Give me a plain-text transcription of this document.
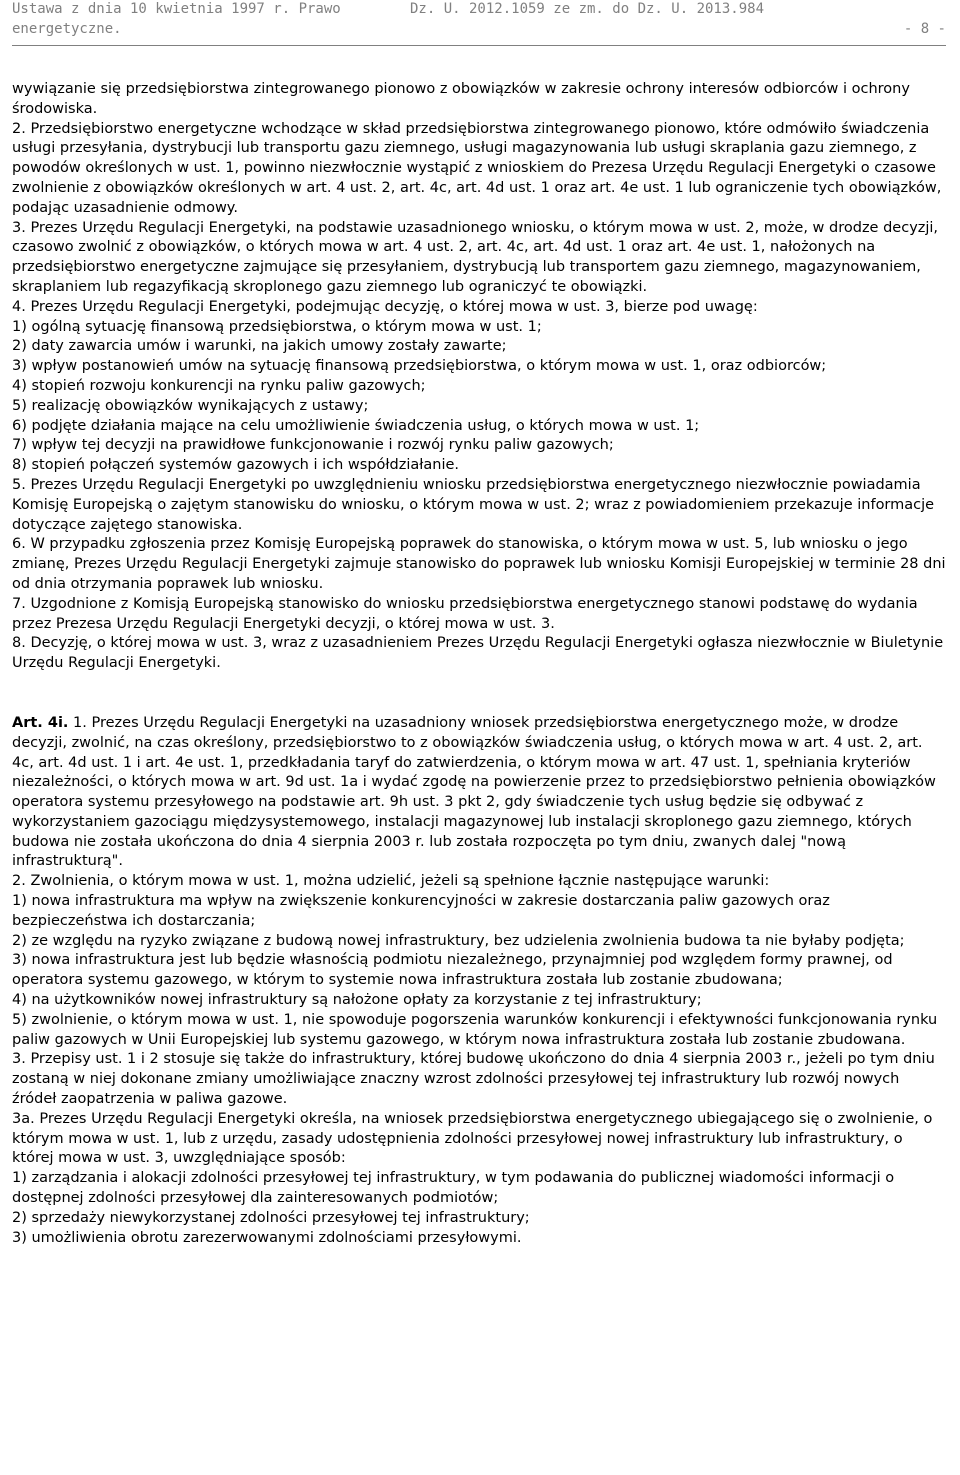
Ustawa z dnia 10 kwietnia 1997 r. Prawo	Dz. U. 2012.1059 ze zm. do Dz. U. 2013.984
energetyczne.	- 8 -

wywiązanie się przedsiębiorstwa zintegrowanego pionowo z obowiązków w zakresie ochrony interesów odbiorców i ochrony środowiska.

2. Przedsiębiorstwo energetyczne wchodzące w skład przedsiębiorstwa zintegrowanego pionowo, które odmówiło świadczenia usługi przesyłania, dystrybucji lub transportu gazu ziemnego, usługi magazynowania lub usługi skraplania gazu ziemnego, z powodów określonych w ust. 1, powinno niezwłocznie wystąpić z wnioskiem do Prezesa Urzędu Regulacji Energetyki o czasowe zwolnienie z obowiązków określonych w art. 4 ust. 2, art. 4c, art. 4d ust. 1 oraz art. 4e ust. 1 lub ograniczenie tych obowiązków, podając uzasadnienie odmowy.

3. Prezes Urzędu Regulacji Energetyki, na podstawie uzasadnionego wniosku, o którym mowa w ust. 2, może, w drodze decyzji, czasowo zwolnić z obowiązków, o których mowa w art. 4 ust. 2, art. 4c, art. 4d ust. 1 oraz art. 4e ust. 1, nałożonych na przedsiębiorstwo energetyczne zajmujące się przesyłaniem, dystrybucją lub transportem gazu ziemnego, magazynowaniem, skraplaniem lub regazyfikacją skroplonego gazu ziemnego lub ograniczyć te obowiązki.

4. Prezes Urzędu Regulacji Energetyki, podejmując decyzję, o której mowa w ust. 3, bierze pod uwagę:

1) ogólną sytuację finansową przedsiębiorstwa, o którym mowa w ust. 1;

2) daty zawarcia umów i warunki, na jakich umowy zostały zawarte;

3) wpływ postanowień umów na sytuację finansową przedsiębiorstwa, o którym mowa w ust. 1, oraz odbiorców;

4) stopień rozwoju konkurencji na rynku paliw gazowych;

5) realizację obowiązków wynikających z ustawy;

6) podjęte działania mające na celu umożliwienie świadczenia usług, o których mowa w ust. 1;

7) wpływ tej decyzji na prawidłowe funkcjonowanie i rozwój rynku paliw gazowych;

8) stopień połączeń systemów gazowych i ich współdziałanie.

5. Prezes Urzędu Regulacji Energetyki po uwzględnieniu wniosku przedsiębiorstwa energetycznego niezwłocznie powiadamia Komisję Europejską o zajętym stanowisku do wniosku, o którym mowa w ust. 2; wraz z powiadomieniem przekazuje informacje dotyczące zajętego stanowiska.

6. W przypadku zgłoszenia przez Komisję Europejską poprawek do stanowiska, o którym mowa w ust. 5, lub wniosku o jego zmianę, Prezes Urzędu Regulacji Energetyki zajmuje stanowisko do poprawek lub wniosku Komisji Europejskiej w terminie 28 dni od dnia otrzymania poprawek lub wniosku.

7. Uzgodnione z Komisją Europejską stanowisko do wniosku przedsiębiorstwa energetycznego stanowi podstawę do wydania przez Prezesa Urzędu Regulacji Energetyki decyzji, o której mowa w ust. 3.

8. Decyzję, o której mowa w ust. 3, wraz z uzasadnieniem Prezes Urzędu Regulacji Energetyki ogłasza niezwłocznie w Biuletynie Urzędu Regulacji Energetyki.

Art. 4i. 1. Prezes Urzędu Regulacji Energetyki na uzasadniony wniosek przedsiębiorstwa energetycznego może, w drodze decyzji, zwolnić, na czas określony, przedsiębiorstwo to z obowiązków świadczenia usług, o których mowa w art. 4 ust. 2, art. 4c, art. 4d ust. 1 i art. 4e ust. 1, przedkładania taryf do zatwierdzenia, o którym mowa w art. 47 ust. 1, spełniania kryteriów niezależności, o których mowa w art. 9d ust. 1a i wydać zgodę na powierzenie przez to przedsiębiorstwo pełnienia obowiązków operatora systemu przesyłowego na podstawie art. 9h ust. 3 pkt 2, gdy świadczenie tych usług będzie się odbywać z wykorzystaniem gazociągu międzysystemowego, instalacji magazynowej lub instalacji skroplonego gazu ziemnego, których budowa nie została ukończona do dnia 4 sierpnia 2003 r. lub została rozpoczęta po tym dniu, zwanych dalej "nową infrastrukturą".

2. Zwolnienia, o którym mowa w ust. 1, można udzielić, jeżeli są spełnione łącznie następujące warunki:

1) nowa infrastruktura ma wpływ na zwiększenie konkurencyjności w zakresie dostarczania paliw gazowych oraz bezpieczeństwa ich dostarczania;

2) ze względu na ryzyko związane z budową nowej infrastruktury, bez udzielenia zwolnienia budowa ta nie byłaby podjęta;

3) nowa infrastruktura jest lub będzie własnością podmiotu niezależnego, przynajmniej pod względem formy prawnej, od operatora systemu gazowego, w którym to systemie nowa infrastruktura została lub zostanie zbudowana;

4) na użytkowników nowej infrastruktury są nałożone opłaty za korzystanie z tej infrastruktury;

5) zwolnienie, o którym mowa w ust. 1, nie spowoduje pogorszenia warunków konkurencji i efektywności funkcjonowania rynku paliw gazowych w Unii Europejskiej lub systemu gazowego, w którym nowa infrastruktura została lub zostanie zbudowana.

3. Przepisy ust. 1 i 2 stosuje się także do infrastruktury, której budowę ukończono do dnia 4 sierpnia 2003 r., jeżeli po tym dniu zostaną w niej dokonane zmiany umożliwiające znaczny wzrost zdolności przesyłowej tej infrastruktury lub rozwój nowych źródeł zaopatrzenia w paliwa gazowe.

3a. Prezes Urzędu Regulacji Energetyki określa, na wniosek przedsiębiorstwa energetycznego ubiegającego się o zwolnienie, o którym mowa w ust. 1, lub z urzędu, zasady udostępnienia zdolności przesyłowej nowej infrastruktury lub infrastruktury, o której mowa w ust. 3, uwzględniające sposób:

1) zarządzania i alokacji zdolności przesyłowej tej infrastruktury, w tym podawania do publicznej wiadomości informacji o dostępnej zdolności przesyłowej dla zainteresowanych podmiotów;

2) sprzedaży niewykorzystanej zdolności przesyłowej tej infrastruktury;

3) umożliwienia obrotu zarezerwowanymi zdolnościami przesyłowymi.
